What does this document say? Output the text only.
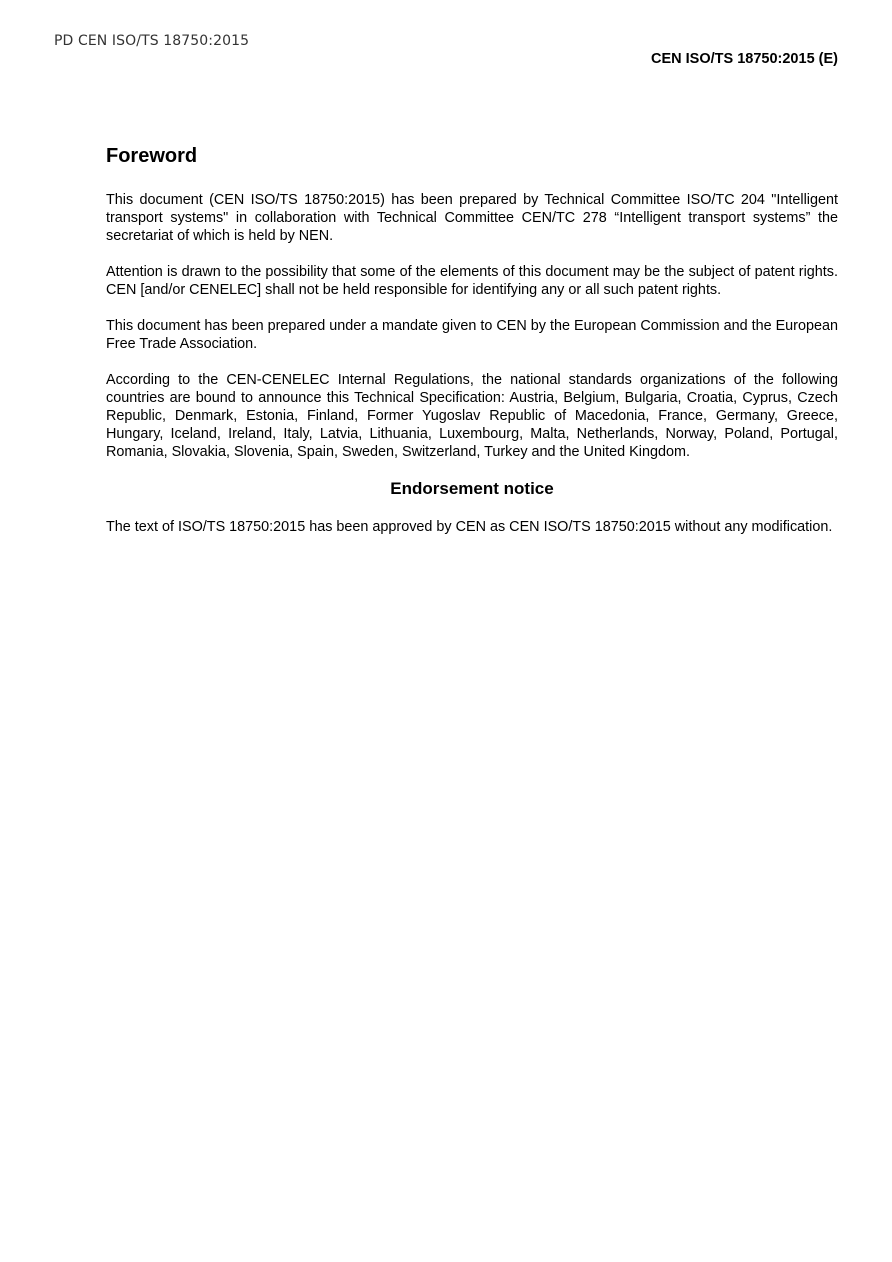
PD CEN ISO/TS 18750:2015
CEN ISO/TS 18750:2015 (E)
Foreword

This document (CEN ISO/TS 18750:2015) has been prepared by Technical Committee ISO/TC 204 "Intelligent transport systems" in collaboration with Technical Committee CEN/TC 278 “Intelligent transport systems” the secretariat of which is held by NEN.

Attention is drawn to the possibility that some of the elements of this document may be the subject of patent rights. CEN [and/or CENELEC] shall not be held responsible for identifying any or all such patent rights.

This document has been prepared under a mandate given to CEN by the European Commission and the European Free Trade Association.

According to the CEN-CENELEC Internal Regulations, the national standards organizations of the following countries are bound to announce this Technical Specification: Austria, Belgium, Bulgaria, Croatia, Cyprus, Czech Republic, Denmark, Estonia, Finland, Former Yugoslav Republic of Macedonia, France, Germany, Greece, Hungary, Iceland, Ireland, Italy, Latvia, Lithuania, Luxembourg, Malta, Netherlands, Norway, Poland, Portugal, Romania, Slovakia, Slovenia, Spain, Sweden, Switzerland, Turkey and the United Kingdom.

Endorsement notice

The text of ISO/TS 18750:2015 has been approved by CEN as CEN ISO/TS 18750:2015 without any modification.
